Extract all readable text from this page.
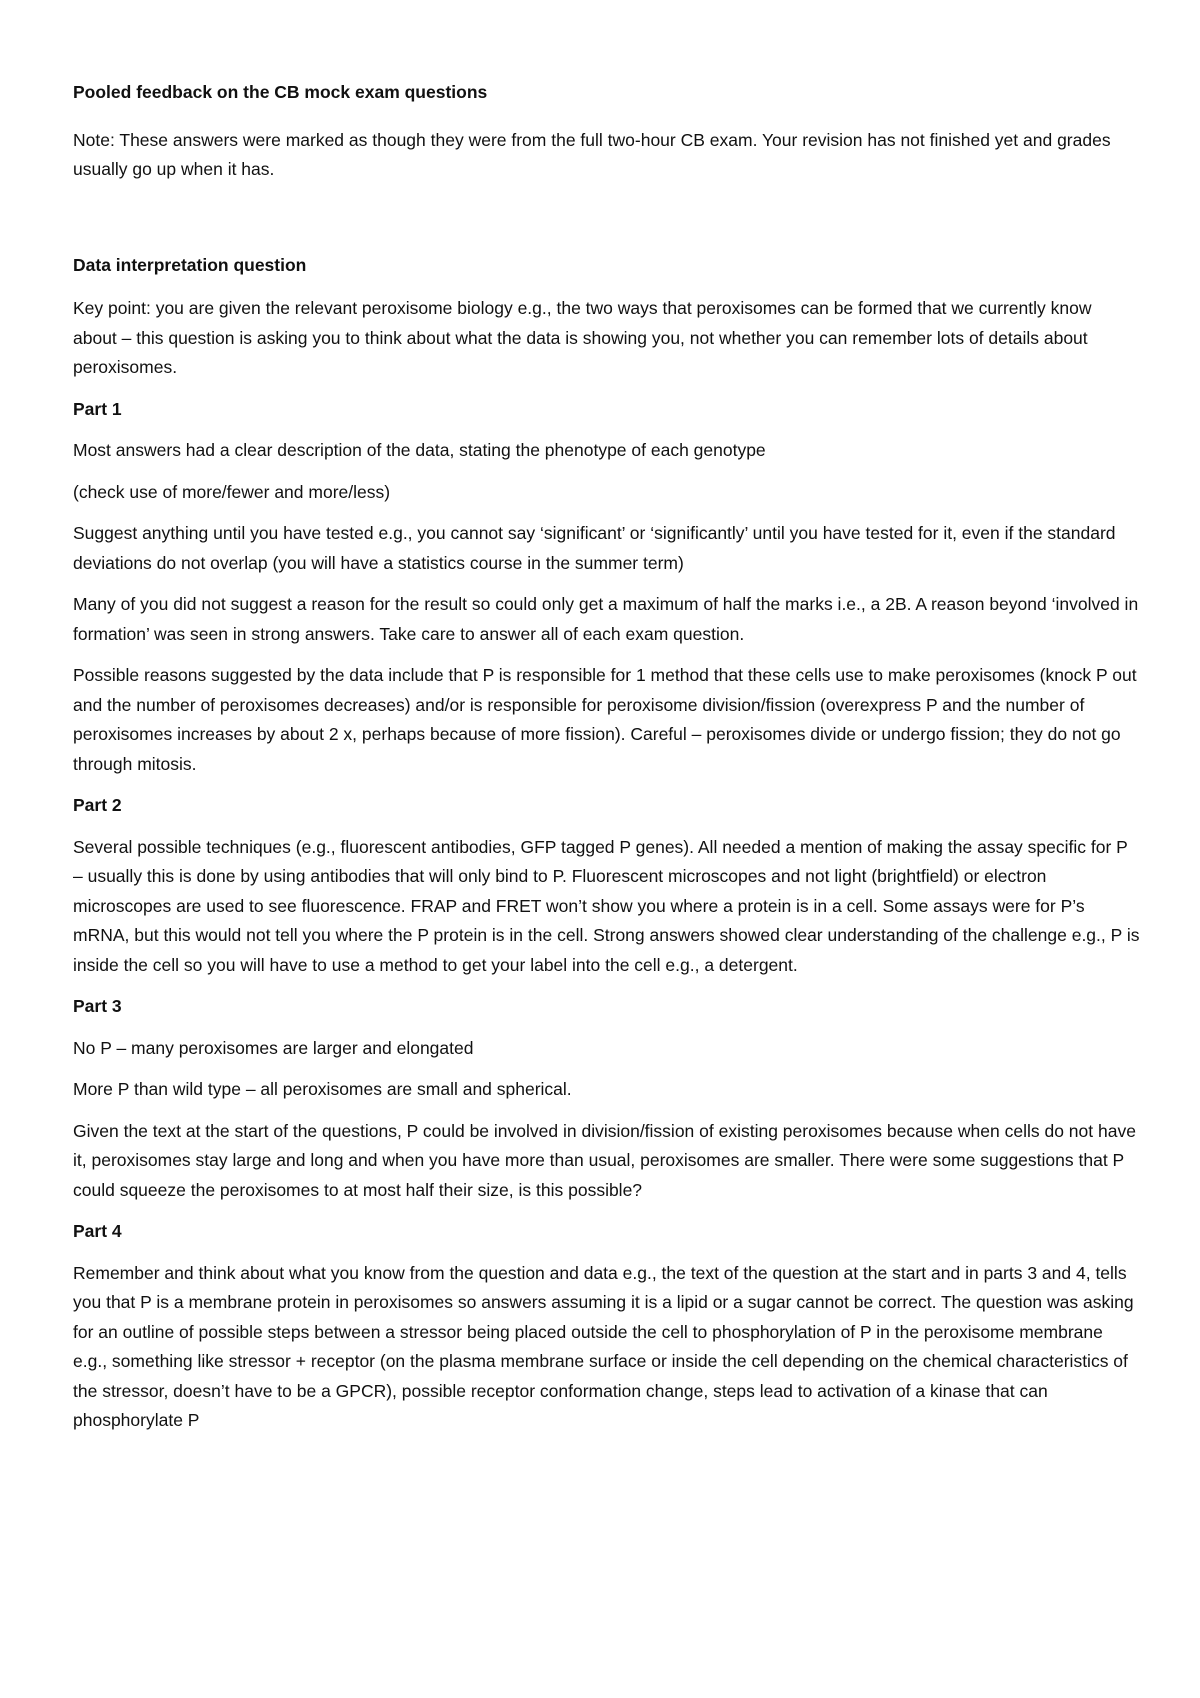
Pooled feedback on the CB mock exam questions

Note: These answers were marked as though they were from the full two-hour CB exam. Your revision has not finished yet and grades usually go up when it has.

Data interpretation question

Key point: you are given the relevant peroxisome biology e.g., the two ways that peroxisomes can be formed that we currently know about – this question is asking you to think about what the data is showing you, not whether you can remember lots of details about peroxisomes.

Part 1

Most answers had a clear description of the data, stating the phenotype of each genotype

(check use of more/fewer and more/less)

Suggest anything until you have tested e.g., you cannot say ‘significant’ or ‘significantly’ until you have tested for it, even if the standard deviations do not overlap (you will have a statistics course in the summer term)

Many of you did not suggest a reason for the result so could only get a maximum of half the marks i.e., a 2B. A reason beyond ‘involved in formation’ was seen in strong answers. Take care to answer all of each exam question.

Possible reasons suggested by the data include that P is responsible for 1 method that these cells use to make peroxisomes (knock P out and the number of peroxisomes decreases) and/or is responsible for peroxisome division/fission (overexpress P and the number of peroxisomes increases by about 2 x, perhaps because of more fission). Careful – peroxisomes divide or undergo fission; they do not go through mitosis.

Part 2

Several possible techniques (e.g., fluorescent antibodies, GFP tagged P genes). All needed a mention of making the assay specific for P – usually this is done by using antibodies that will only bind to P. Fluorescent microscopes and not light (brightfield) or electron microscopes are used to see fluorescence. FRAP and FRET won’t show you where a protein is in a cell. Some assays were for P’s mRNA, but this would not tell you where the P protein is in the cell. Strong answers showed clear understanding of the challenge e.g., P is inside the cell so you will have to use a method to get your label into the cell e.g., a detergent.

Part 3

No P – many peroxisomes are larger and elongated

More P than wild type – all peroxisomes are small and spherical.

Given the text at the start of the questions, P could be involved in division/fission of existing peroxisomes because when cells do not have it, peroxisomes stay large and long and when you have more than usual, peroxisomes are smaller. There were some suggestions that P could squeeze the peroxisomes to at most half their size, is this possible?

Part 4

Remember and think about what you know from the question and data e.g., the text of the question at the start and in parts 3 and 4, tells you that P is a membrane protein in peroxisomes so answers assuming it is a lipid or a sugar cannot be correct. The question was asking for an outline of possible steps between a stressor being placed outside the cell to phosphorylation of P in the peroxisome membrane e.g., something like stressor + receptor (on the plasma membrane surface or inside the cell depending on the chemical characteristics of the stressor, doesn’t have to be a GPCR), possible receptor conformation change, steps lead to activation of a kinase that can phosphorylate P
